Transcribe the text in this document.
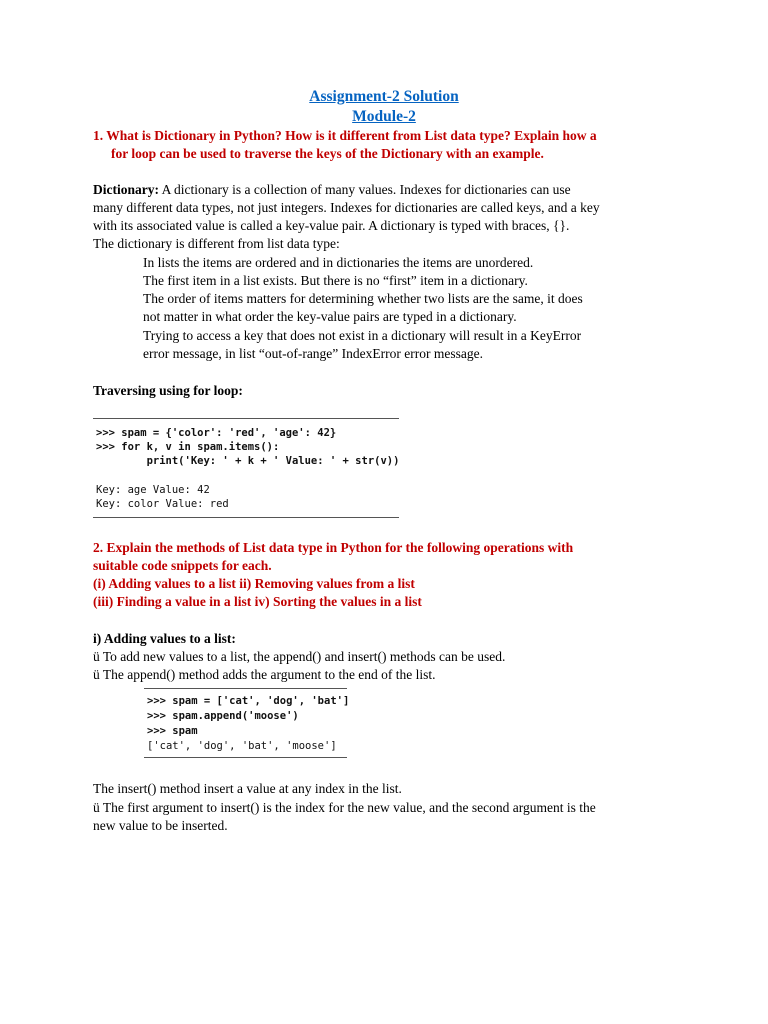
Assignment-2 Solution
Module-2
1. What is Dictionary in Python? How is it different from List data type? Explain how a
for loop can be used to traverse the keys of the Dictionary with an example.
Dictionary: A dictionary is a collection of many values. Indexes for dictionaries can use
many different data types, not just integers. Indexes for dictionaries are called keys, and a key
with its associated value is called a key-value pair. A dictionary is typed with braces, {}.
The dictionary is different from list data type:
In lists the items are ordered and in dictionaries the items are unordered.
The first item in a list exists. But there is no “first” item in a dictionary.
The order of items matters for determining whether two lists are the same, it does
not matter in what order the key-value pairs are typed in a dictionary.
Trying to access a key that does not exist in a dictionary will result in a KeyError
error message, in list “out-of-range” IndexError error message.
Traversing using for loop:
>>> spam = {'color': 'red', 'age': 42}
>>> for k, v in spam.items():
print('Key: ' + k + ' Value: ' + str(v))
Key: age Value: 42
Key: color Value: red
2. Explain the methods of List data type in Python for the following operations with
suitable code snippets for each.
(i) Adding values to a list ii) Removing values from a list
(iii) Finding a value in a list iv) Sorting the values in a list
i) Adding values to a list:
ü To add new values to a list, the append() and insert() methods can be used.
ü The append() method adds the argument to the end of the list.
>>> spam = ['cat', 'dog', 'bat']
>>> spam.append('moose')
>>> spam
['cat', 'dog', 'bat', 'moose']
The insert() method insert a value at any index in the list.
ü The first argument to insert() is the index for the new value, and the second argument is the
new value to be inserted.
